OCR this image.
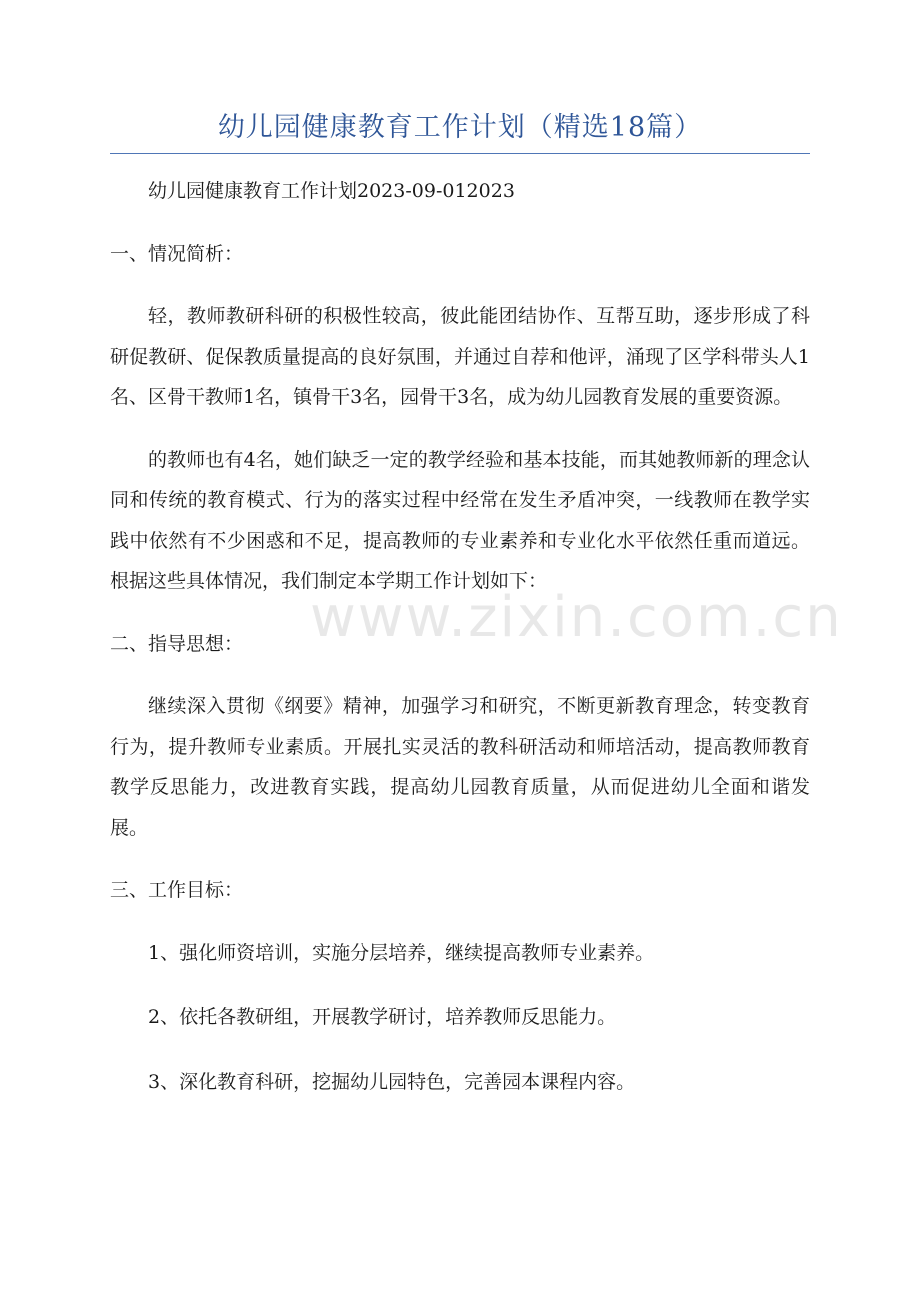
幼儿园健康教育工作计划（精选18篇）
www.zixin.com.cn

幼儿园健康教育工作计划2023-09-012023

一、情况简析：

轻，教师教研科研的积极性较高，彼此能团结协作、互帮互助，逐步形成了科研促教研、促保教质量提高的良好氛围，并通过自荐和他评，涌现了区学科带头人1名、区骨干教师1名，镇骨干3名，园骨干3名，成为幼儿园教育发展的重要资源。

的教师也有4名，她们缺乏一定的教学经验和基本技能，而其她教师新的理念认同和传统的教育模式、行为的落实过程中经常在发生矛盾冲突，一线教师在教学实践中依然有不少困惑和不足，提高教师的专业素养和专业化水平依然任重而道远。根据这些具体情况，我们制定本学期工作计划如下：

二、指导思想：

继续深入贯彻《纲要》精神，加强学习和研究，不断更新教育理念，转变教育行为，提升教师专业素质。开展扎实灵活的教科研活动和师培活动，提高教师教育教学反思能力，改进教育实践，提高幼儿园教育质量，从而促进幼儿全面和谐发展。

三、工作目标：

1、强化师资培训，实施分层培养，继续提高教师专业素养。

2、依托各教研组，开展教学研讨，培养教师反思能力。

3、深化教育科研，挖掘幼儿园特色，完善园本课程内容。
